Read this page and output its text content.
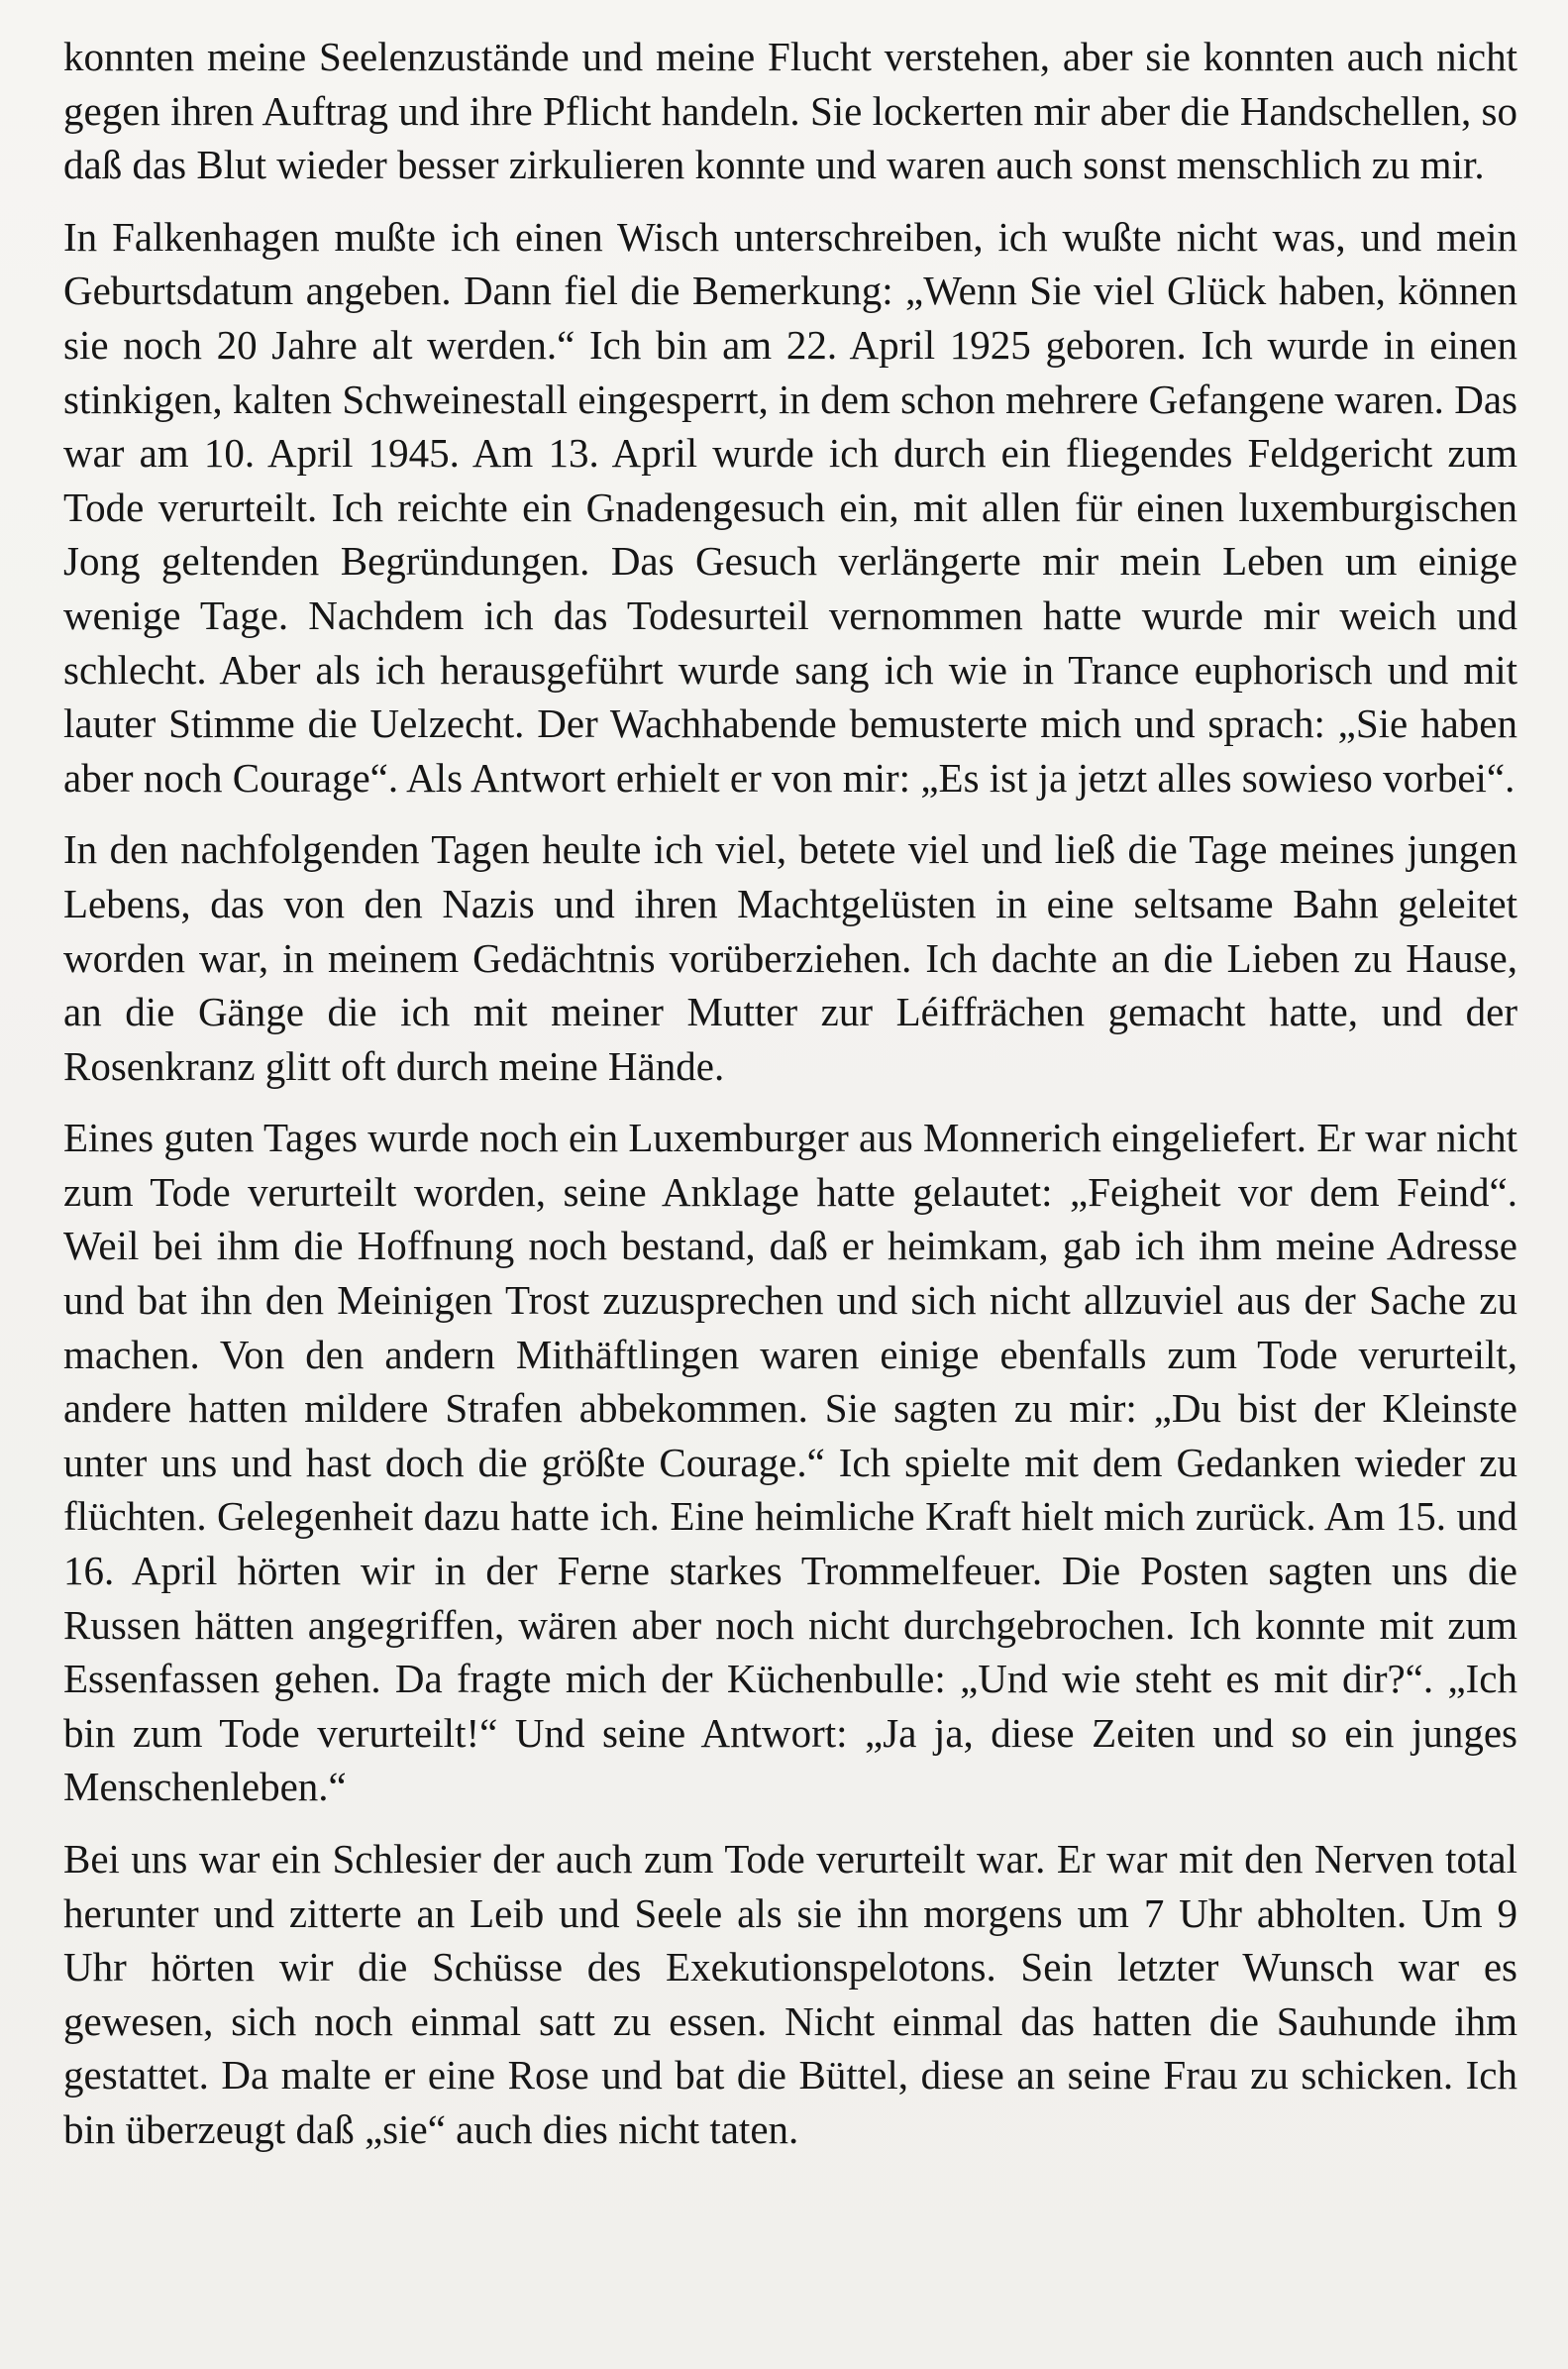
konnten meine Seelenzustände und meine Flucht verstehen, aber sie konnten auch nicht gegen ihren Auftrag und ihre Pflicht handeln. Sie lockerten mir aber die Handschellen, so daß das Blut wieder besser zirkulieren konnte und waren auch sonst menschlich zu mir.

In Falkenhagen mußte ich einen Wisch unterschreiben, ich wußte nicht was, und mein Geburtsdatum angeben. Dann fiel die Bemerkung: „Wenn Sie viel Glück haben, können sie noch 20 Jahre alt werden.“ Ich bin am 22. April 1925 geboren. Ich wurde in einen stinkigen, kalten Schweinestall eingesperrt, in dem schon mehrere Gefangene waren. Das war am 10. April 1945. Am 13. April wurde ich durch ein fliegendes Feldgericht zum Tode verurteilt. Ich reichte ein Gnadengesuch ein, mit allen für einen luxemburgischen Jong geltenden Begründungen. Das Gesuch verlängerte mir mein Leben um einige wenige Tage. Nachdem ich das Todesurteil vernommen hatte wurde mir weich und schlecht. Aber als ich herausgeführt wurde sang ich wie in Trance euphorisch und mit lauter Stimme die Uelzecht. Der Wachhabende bemusterte mich und sprach: „Sie haben aber noch Courage“. Als Antwort erhielt er von mir: „Es ist ja jetzt alles sowieso vorbei“.

In den nachfolgenden Tagen heulte ich viel, betete viel und ließ die Tage meines jungen Lebens, das von den Nazis und ihren Machtgelüsten in eine seltsame Bahn geleitet worden war, in meinem Gedächtnis vorüberziehen. Ich dachte an die Lieben zu Hause, an die Gänge die ich mit meiner Mutter zur Léiffrächen gemacht hatte, und der Rosenkranz glitt oft durch meine Hände.

Eines guten Tages wurde noch ein Luxemburger aus Monnerich eingeliefert. Er war nicht zum Tode verurteilt worden, seine Anklage hatte gelautet: „Feigheit vor dem Feind“. Weil bei ihm die Hoffnung noch bestand, daß er heimkam, gab ich ihm meine Adresse und bat ihn den Meinigen Trost zuzusprechen und sich nicht allzuviel aus der Sache zu machen. Von den andern Mithäftlingen waren einige ebenfalls zum Tode verurteilt, andere hatten mildere Strafen abbekommen. Sie sagten zu mir: „Du bist der Kleinste unter uns und hast doch die größte Courage.“ Ich spielte mit dem Gedanken wieder zu flüchten. Gelegenheit dazu hatte ich. Eine heimliche Kraft hielt mich zurück. Am 15. und 16. April hörten wir in der Ferne starkes Trommelfeuer. Die Posten sagten uns die Russen hätten angegriffen, wären aber noch nicht durchgebrochen. Ich konnte mit zum Essenfassen gehen. Da fragte mich der Küchenbulle: „Und wie steht es mit dir?“. „Ich bin zum Tode verurteilt!“ Und seine Antwort: „Ja ja, diese Zeiten und so ein junges Menschenleben.“

Bei uns war ein Schlesier der auch zum Tode verurteilt war. Er war mit den Nerven total herunter und zitterte an Leib und Seele als sie ihn morgens um 7 Uhr abholten. Um 9 Uhr hörten wir die Schüsse des Exekutionspelotons. Sein letzter Wunsch war es gewesen, sich noch einmal satt zu essen. Nicht einmal das hatten die Sauhunde ihm gestattet. Da malte er eine Rose und bat die Büttel, diese an seine Frau zu schicken. Ich bin überzeugt daß „sie“ auch dies nicht taten.
